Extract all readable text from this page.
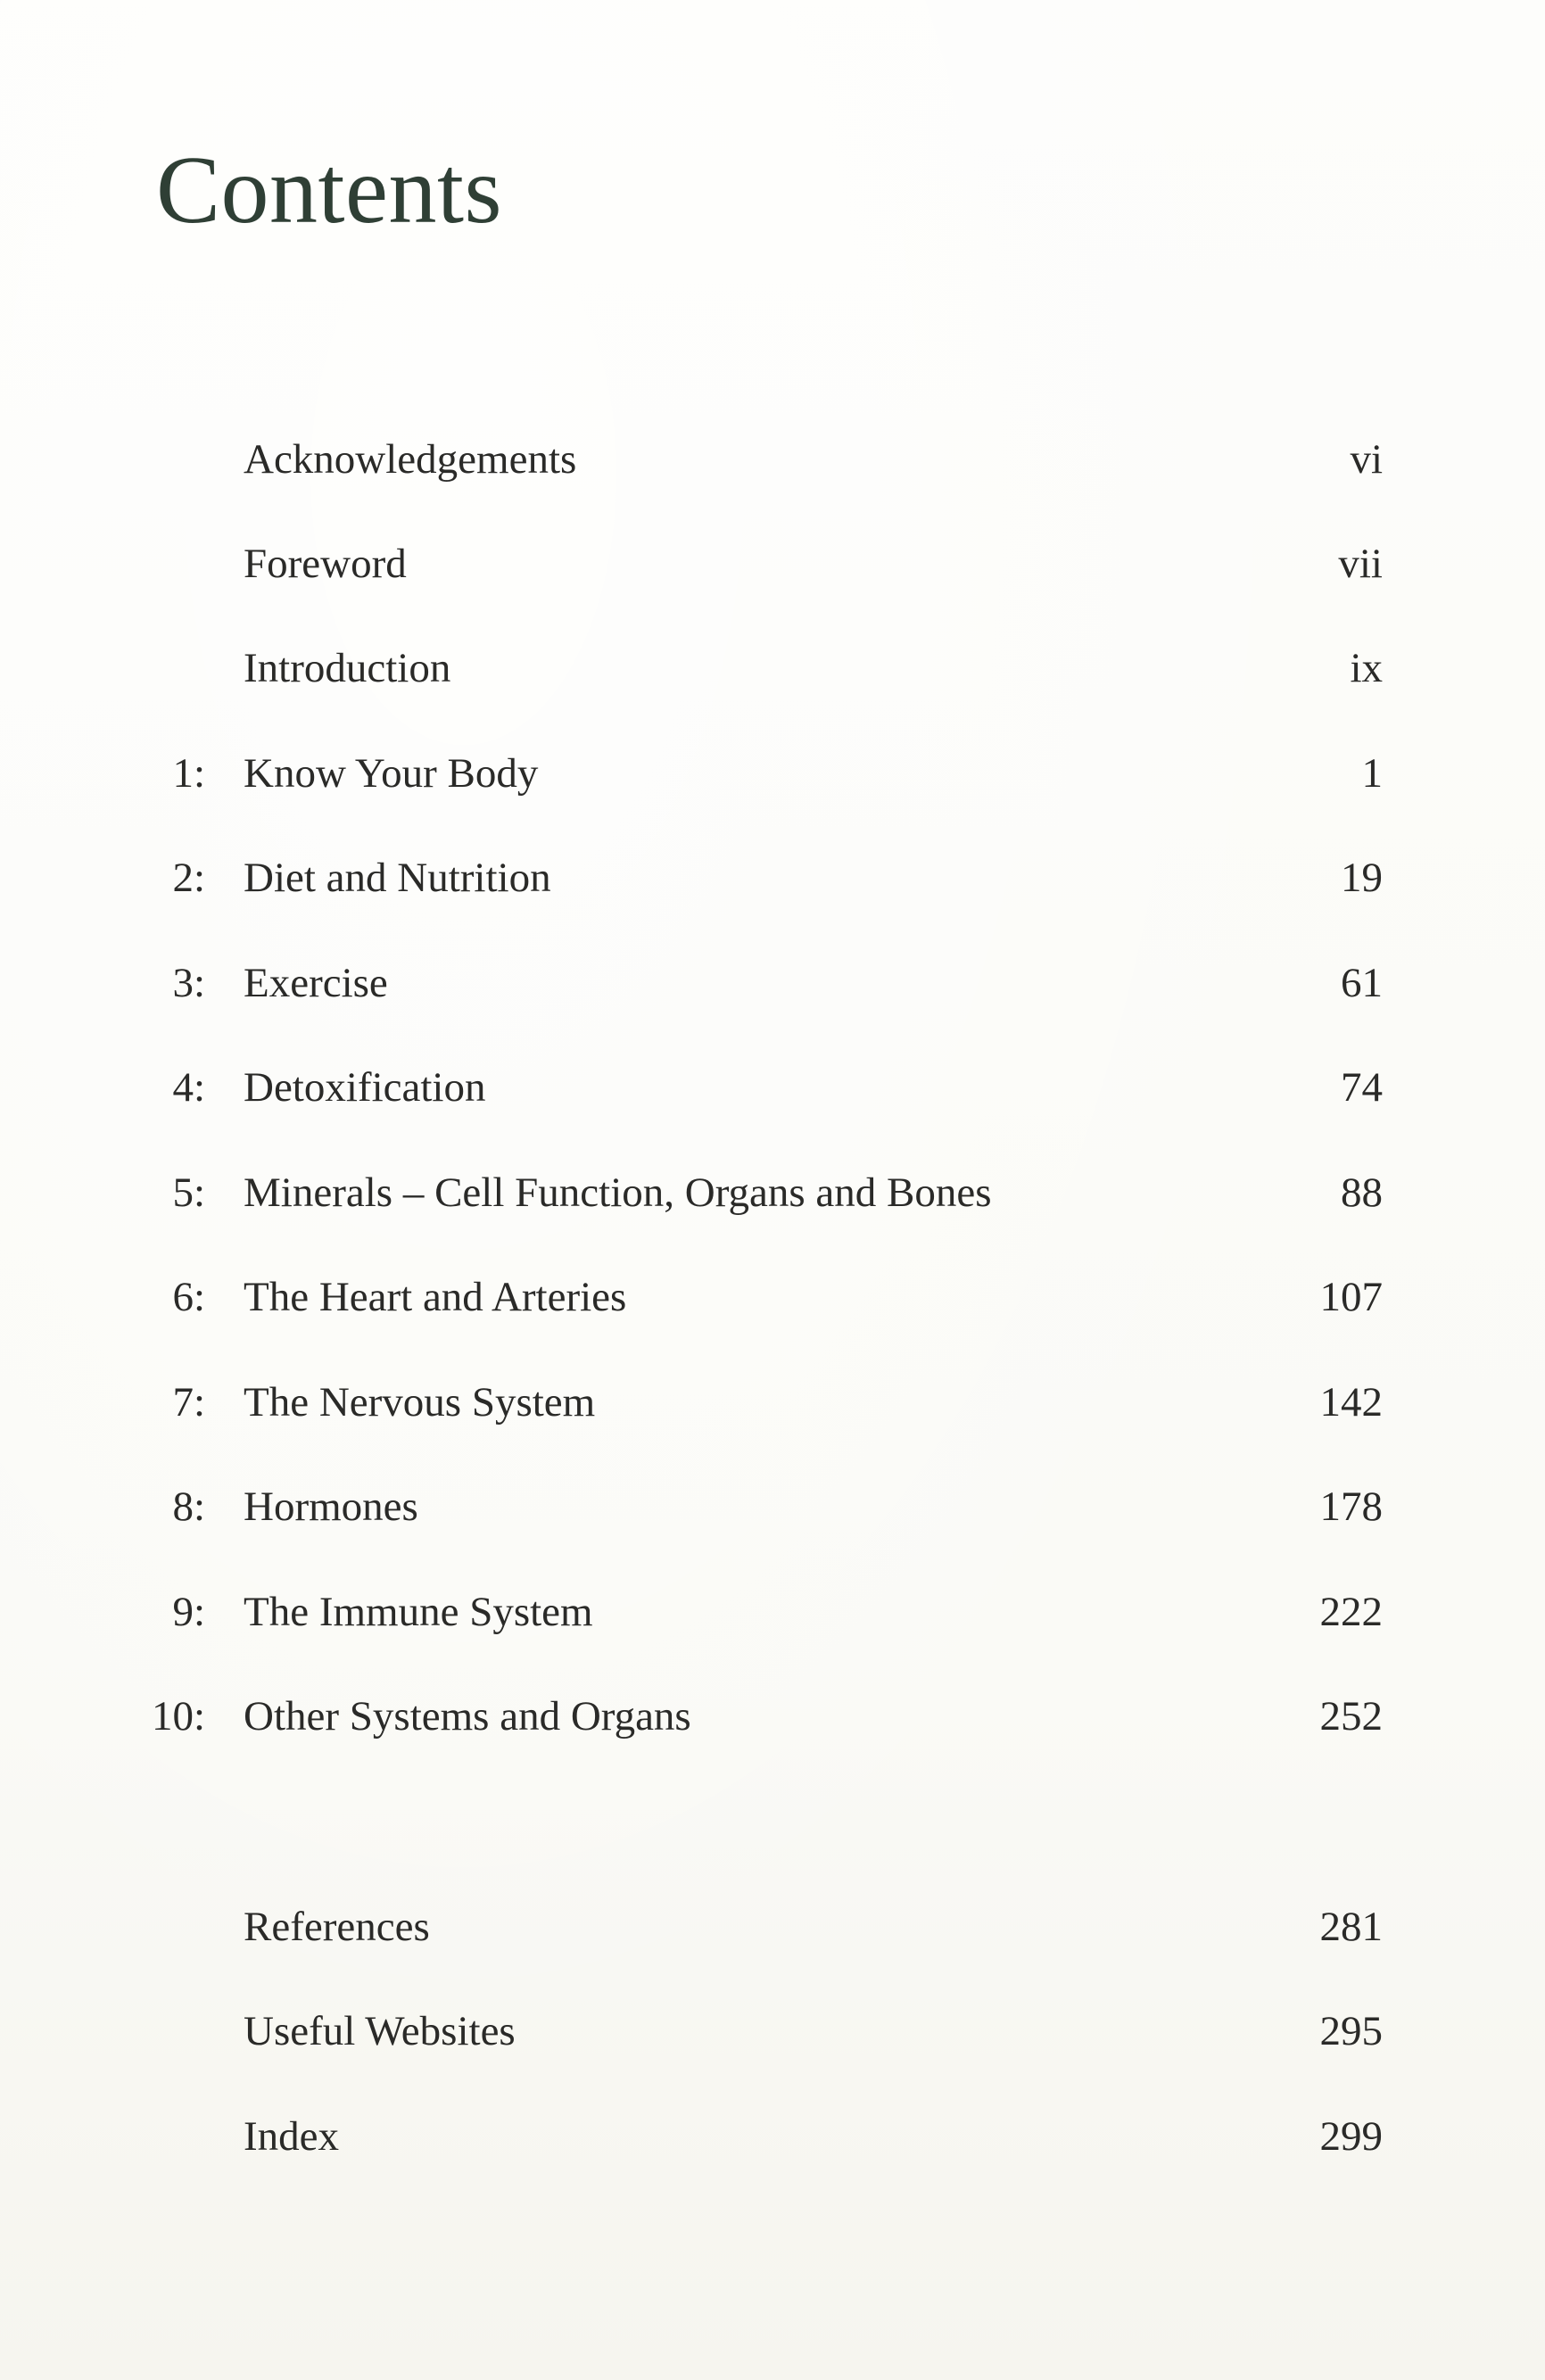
Contents
Acknowledgements	vi
Foreword	vii
Introduction	ix
1: Know Your Body	1
2: Diet and Nutrition	19
3: Exercise	61
4: Detoxification	74
5: Minerals – Cell Function, Organs and Bones	88
6: The Heart and Arteries	107
7: The Nervous System	142
8: Hormones	178
9: The Immune System	222
10: Other Systems and Organs	252
References	281
Useful Websites	295
Index	299
